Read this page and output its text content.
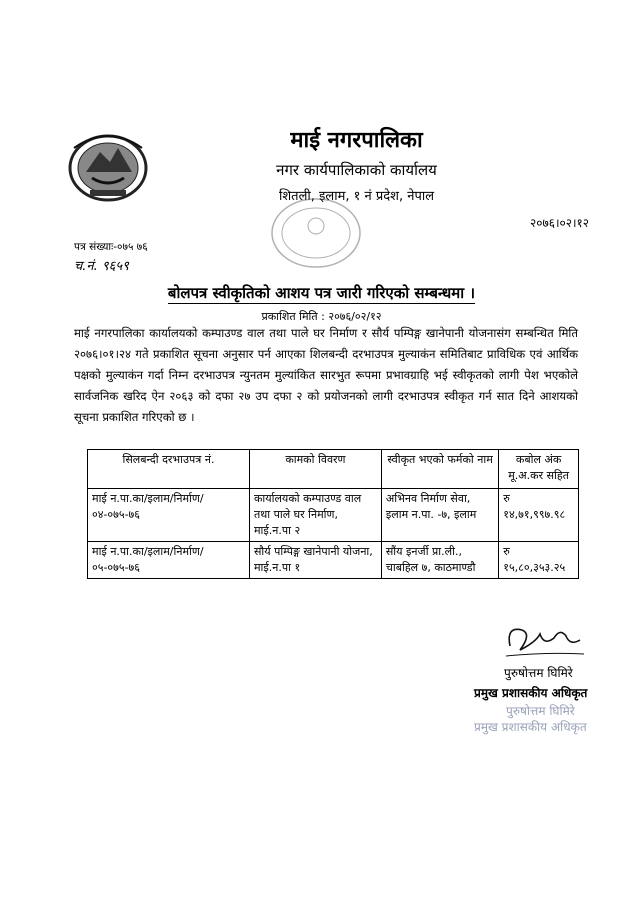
माई नगरपालिका
नगर कार्यपालिकाको कार्यालय
शितली, इलाम, १ नं प्रदेश, नेपाल
२०७६।०२।१२
पत्र संख्याः-०७५ ७६
च.नं. ९६५९
बोलपत्र स्वीकृतिको आशय पत्र जारी गरिएको सम्बन्धमा ।
प्रकाशित मिति : २०७६/०२/१२
माई नगरपालिका कार्यालयको कम्पाउण्ड वाल तथा पाले घर निर्माण र सौर्य पम्पिङ्ग खानेपानी योजनासंग सम्बन्धित मिति २०७६।०१।२४ गते प्रकाशित सूचना अनुसार पर्न आएका शिलबन्दी दरभाउपत्र मुल्याकंन समितिबाट प्राविधिक एवं आर्थिक पक्षको मुल्याकंन गर्दा निम्न दरभाउपत्र न्युनतम मुल्यांकित सारभुत रूपमा प्रभावग्राहि भई स्वीकृतको लागी पेश भएकोले सार्वजनिक खरिद ऐन २०६३ को दफा २७ उप दफा २ को प्रयोजनको लागी दरभाउपत्र स्वीकृत गर्न सात दिने आशयको सूचना प्रकाशित गरिएको छ ।
सिलबन्दी दरभाउपत्र नं.	कामको विवरण	स्वीकृत भएको फर्मको नाम	कबोल अंक मू.अ.कर सहित
माई न.पा.का/इलाम/निर्माण/०४-०७५-७६	कार्यालयको कम्पाउण्ड वाल तथा पाले घर निर्माण, माई.न.पा २	अभिनव निर्माण सेवा, इलाम न.पा. -७, इलाम	रु १४,७१,९९७.९८
माई न.पा.का/इलाम/निर्माण/०५-०७५-७६	सौर्य पम्पिङ्ग खानेपानी योजना, माई.न.पा १	सौंय इनर्जी प्रा.ली., चाबहिल ७, काठमाण्डौ	रु १५,८०,३५३.२५
पुरुषोत्तम घिमिरे
प्रमुख प्रशासकीय अधिकृत
पुरुषोत्तम घिमिरे
प्रमुख प्रशासकीय अधिकृत
